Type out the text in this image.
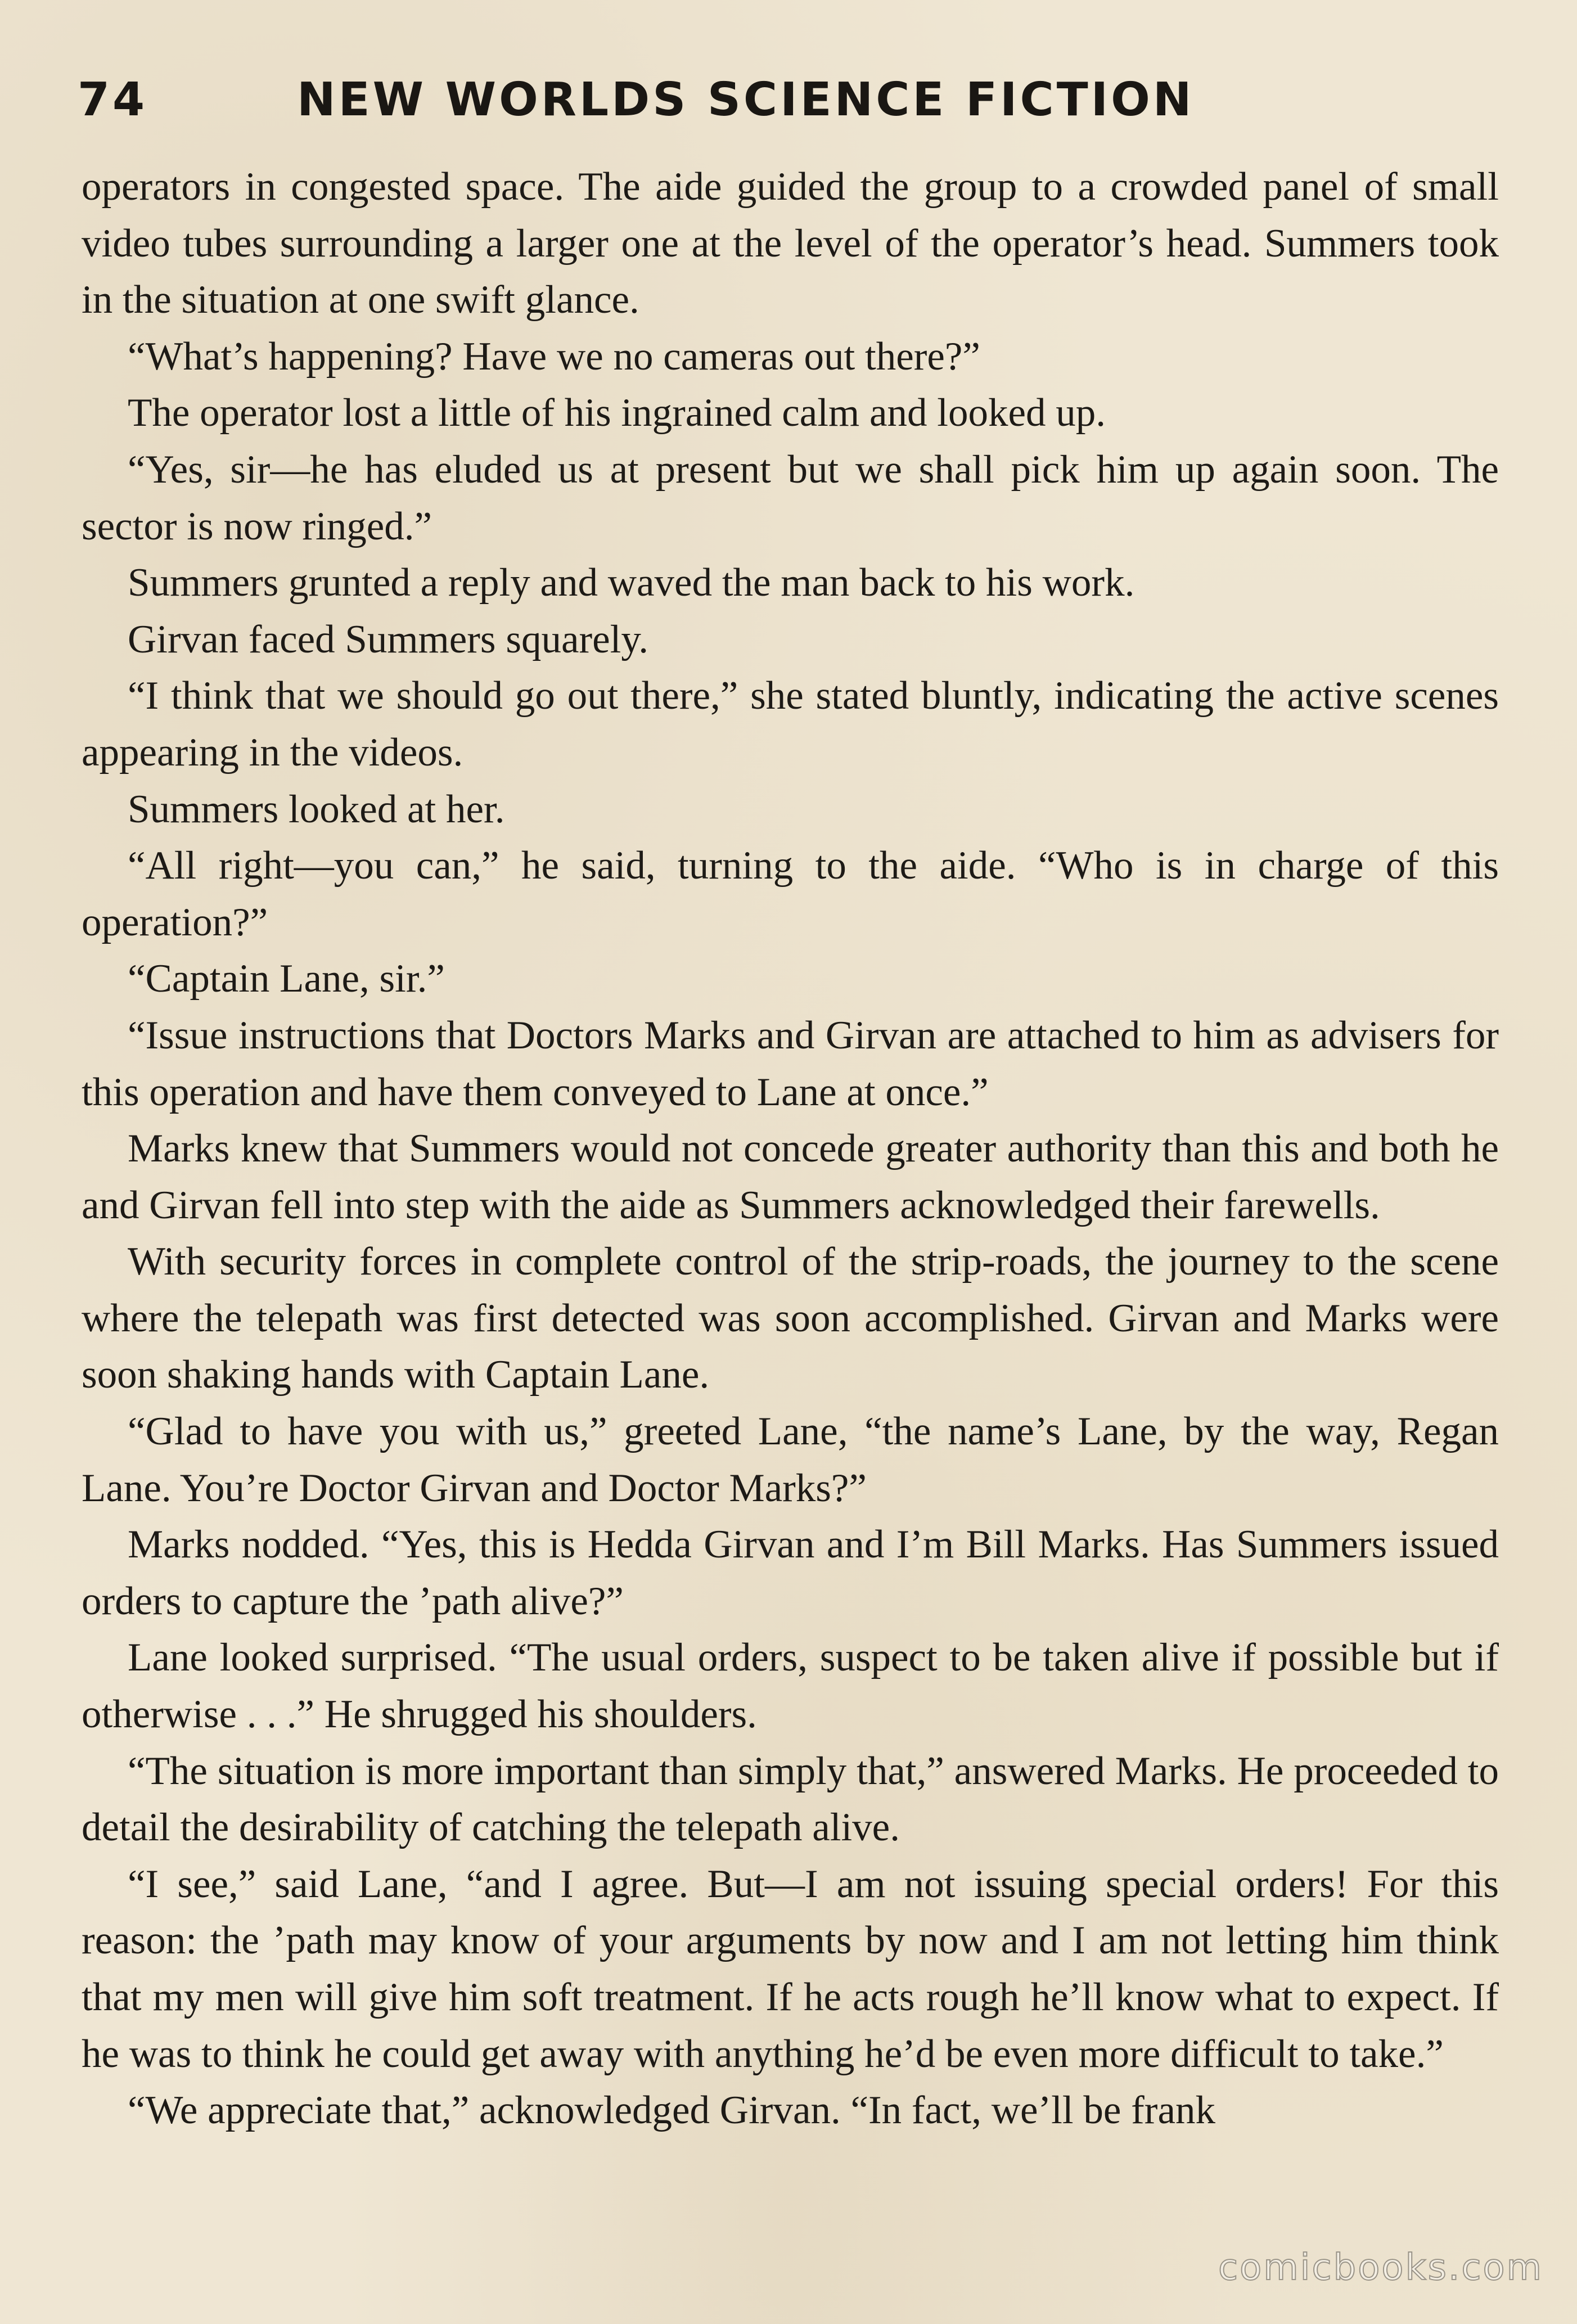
74	NEW WORLDS SCIENCE FICTION

operators in congested space. The aide guided the group to a crowded panel of small video tubes surrounding a larger one at the level of the operator’s head. Summers took in the situation at one swift glance.

“What’s happening? Have we no cameras out there?”

The operator lost a little of his ingrained calm and looked up.

“Yes, sir—he has eluded us at present but we shall pick him up again soon. The sector is now ringed.”

Summers grunted a reply and waved the man back to his work.

Girvan faced Summers squarely.

“I think that we should go out there,” she stated bluntly, indicating the active scenes appearing in the videos.

Summers looked at her.

“All right—you can,” he said, turning to the aide. “Who is in charge of this operation?”

“Captain Lane, sir.”

“Issue instructions that Doctors Marks and Girvan are attached to him as advisers for this operation and have them conveyed to Lane at once.”

Marks knew that Summers would not concede greater authority than this and both he and Girvan fell into step with the aide as Summers acknowledged their farewells.

With security forces in complete control of the strip-roads, the journey to the scene where the telepath was first detected was soon accomplished. Girvan and Marks were soon shaking hands with Captain Lane.

“Glad to have you with us,” greeted Lane, “the name’s Lane, by the way, Regan Lane. You’re Doctor Girvan and Doctor Marks?”

Marks nodded. “Yes, this is Hedda Girvan and I’m Bill Marks. Has Summers issued orders to capture the ’path alive?”

Lane looked surprised. “The usual orders, suspect to be taken alive if possible but if otherwise . . .” He shrugged his shoulders.

“The situation is more important than simply that,” answered Marks. He proceeded to detail the desirability of catching the telepath alive.

“I see,” said Lane, “and I agree. But—I am not issuing special orders! For this reason: the ’path may know of your arguments by now and I am not letting him think that my men will give him soft treatment. If he acts rough he’ll know what to expect. If he was to think he could get away with anything he’d be even more difficult to take.”

“We appreciate that,” acknowledged Girvan. “In fact, we’ll be frank

comicbooks.com
